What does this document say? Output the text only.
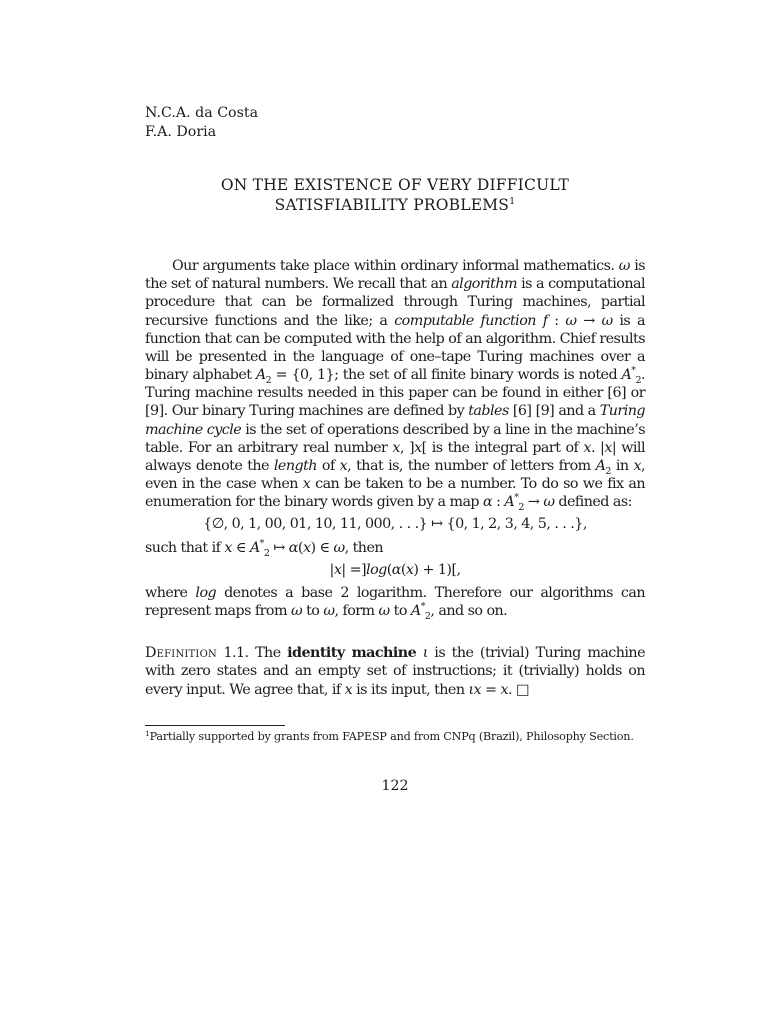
N.C.A. da Costa
F.A. Doria
ON THE EXISTENCE OF VERY DIFFICULT
SATISFIABILITY PROBLEMS$^1$

Our arguments take place within ordinary informal mathematics. ω is the set of natural numbers. We recall that an algorithm is a computational procedure that can be formalized through Turing machines, partial recursive functions and the like; a computable function f : ω → ω is a function that can be computed with the help of an algorithm. Chief results will be presented in the language of one–tape Turing machines over a binary alphabet $A_2 = \{0$, 1}; the set of all finite binary words is noted $A^*_2$. Turing machine results needed in this paper can be found in either [6] or [9]. Our binary Turing machines are defined by tables [6] [9] and a Turing machine cycle is the set of operations described by a line in the machine’s table. For an arbitrary real number x, ]x[ is the integral part of x. |x| will always denote the length of x, that is, the number of letters from $A_2$ in x, even in the case when x can be taken to be a number. To do so we fix an enumeration for the binary words given by a map α : $A^*_2 \to \omega$ defined as:

{∅, 0, 1, 00, 01, 10, 11, 000, . . .} ↦ {0, 1, 2, 3, 4, 5, . . .},

such that if x ∈ $A^*_2$ ↦ α(x) ∈ ω, then

|x| =]log(α(x) + 1)[,

where log denotes a base 2 logarithm. Therefore our algorithms can represent maps from ω to ω, form ω to $A^*_2$, and so on.

Definition 1.1. The identity machine ι is the (trivial) Turing machine with zero states and an empty set of instructions; it (trivially) holds on every input. We agree that, if x is its input, then ιx = x. □

$^1$Partially supported by grants from FAPESP and from CNPq (Brazil), Philosophy Section.
122
